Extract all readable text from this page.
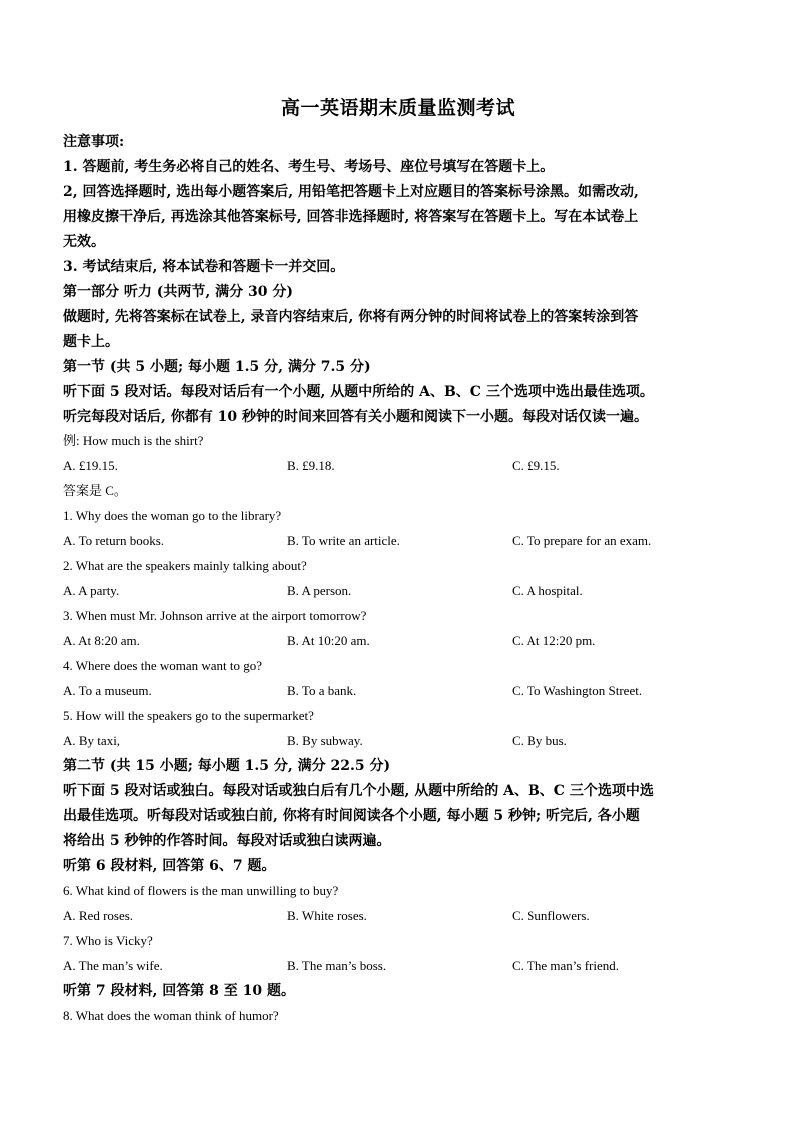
高一英语期末质量监测考试
注意事项:
1. 答题前, 考生务必将自己的姓名、考生号、考场号、座位号填写在答题卡上。
2, 回答选择题时, 选出每小题答案后, 用铅笔把答题卡上对应题目的答案标号涂黑。如需改动,
用橡皮擦干净后, 再选涂其他答案标号, 回答非选择题时, 将答案写在答题卡上。写在本试卷上
无效。
3. 考试结束后, 将本试卷和答题卡一并交回。
第一部分 听力 (共两节, 满分 30 分)
做题时, 先将答案标在试卷上, 录音内容结束后, 你将有两分钟的时间将试卷上的答案转涂到答
题卡上。
第一节 (共 5 小题; 每小题 1.5 分, 满分 7.5 分)
听下面 5 段对话。每段对话后有一个小题, 从题中所给的 A、B、C 三个选项中选出最佳选项。
听完每段对话后, 你都有 10 秒钟的时间来回答有关小题和阅读下一小题。每段对话仅读一遍。
例: How much is the shirt?
A. £19.15.	B. £9.18.	C. £9.15.
答案是 C。
1. Why does the woman go to the library?
A. To return books.	B. To write an article.	C. To prepare for an exam.
2. What are the speakers mainly talking about?
A. A party.	B. A person.	C. A hospital.
3. When must Mr. Johnson arrive at the airport tomorrow?
A. At 8:20 am.	B. At 10:20 am.	C. At 12:20 pm.
4. Where does the woman want to go?
A. To a museum.	B. To a bank.	C. To Washington Street.
5. How will the speakers go to the supermarket?
A. By taxi,	B. By subway.	C. By bus.
第二节 (共 15 小题; 每小题 1.5 分, 满分 22.5 分)
听下面 5 段对话或独白。每段对话或独白后有几个小题, 从题中所给的 A、B、C 三个选项中选
出最佳选项。听每段对话或独白前, 你将有时间阅读各个小题, 每小题 5 秒钟; 听完后, 各小题
将给出 5 秒钟的作答时间。每段对话或独白读两遍。
听第 6 段材料, 回答第 6、7 题。
6. What kind of flowers is the man unwilling to buy?
A. Red roses.	B. White roses.	C. Sunflowers.
7. Who is Vicky?
A. The man’s wife.	B. The man’s boss.	C. The man’s friend.
听第 7 段材料, 回答第 8 至 10 题。
8. What does the woman think of humor?
